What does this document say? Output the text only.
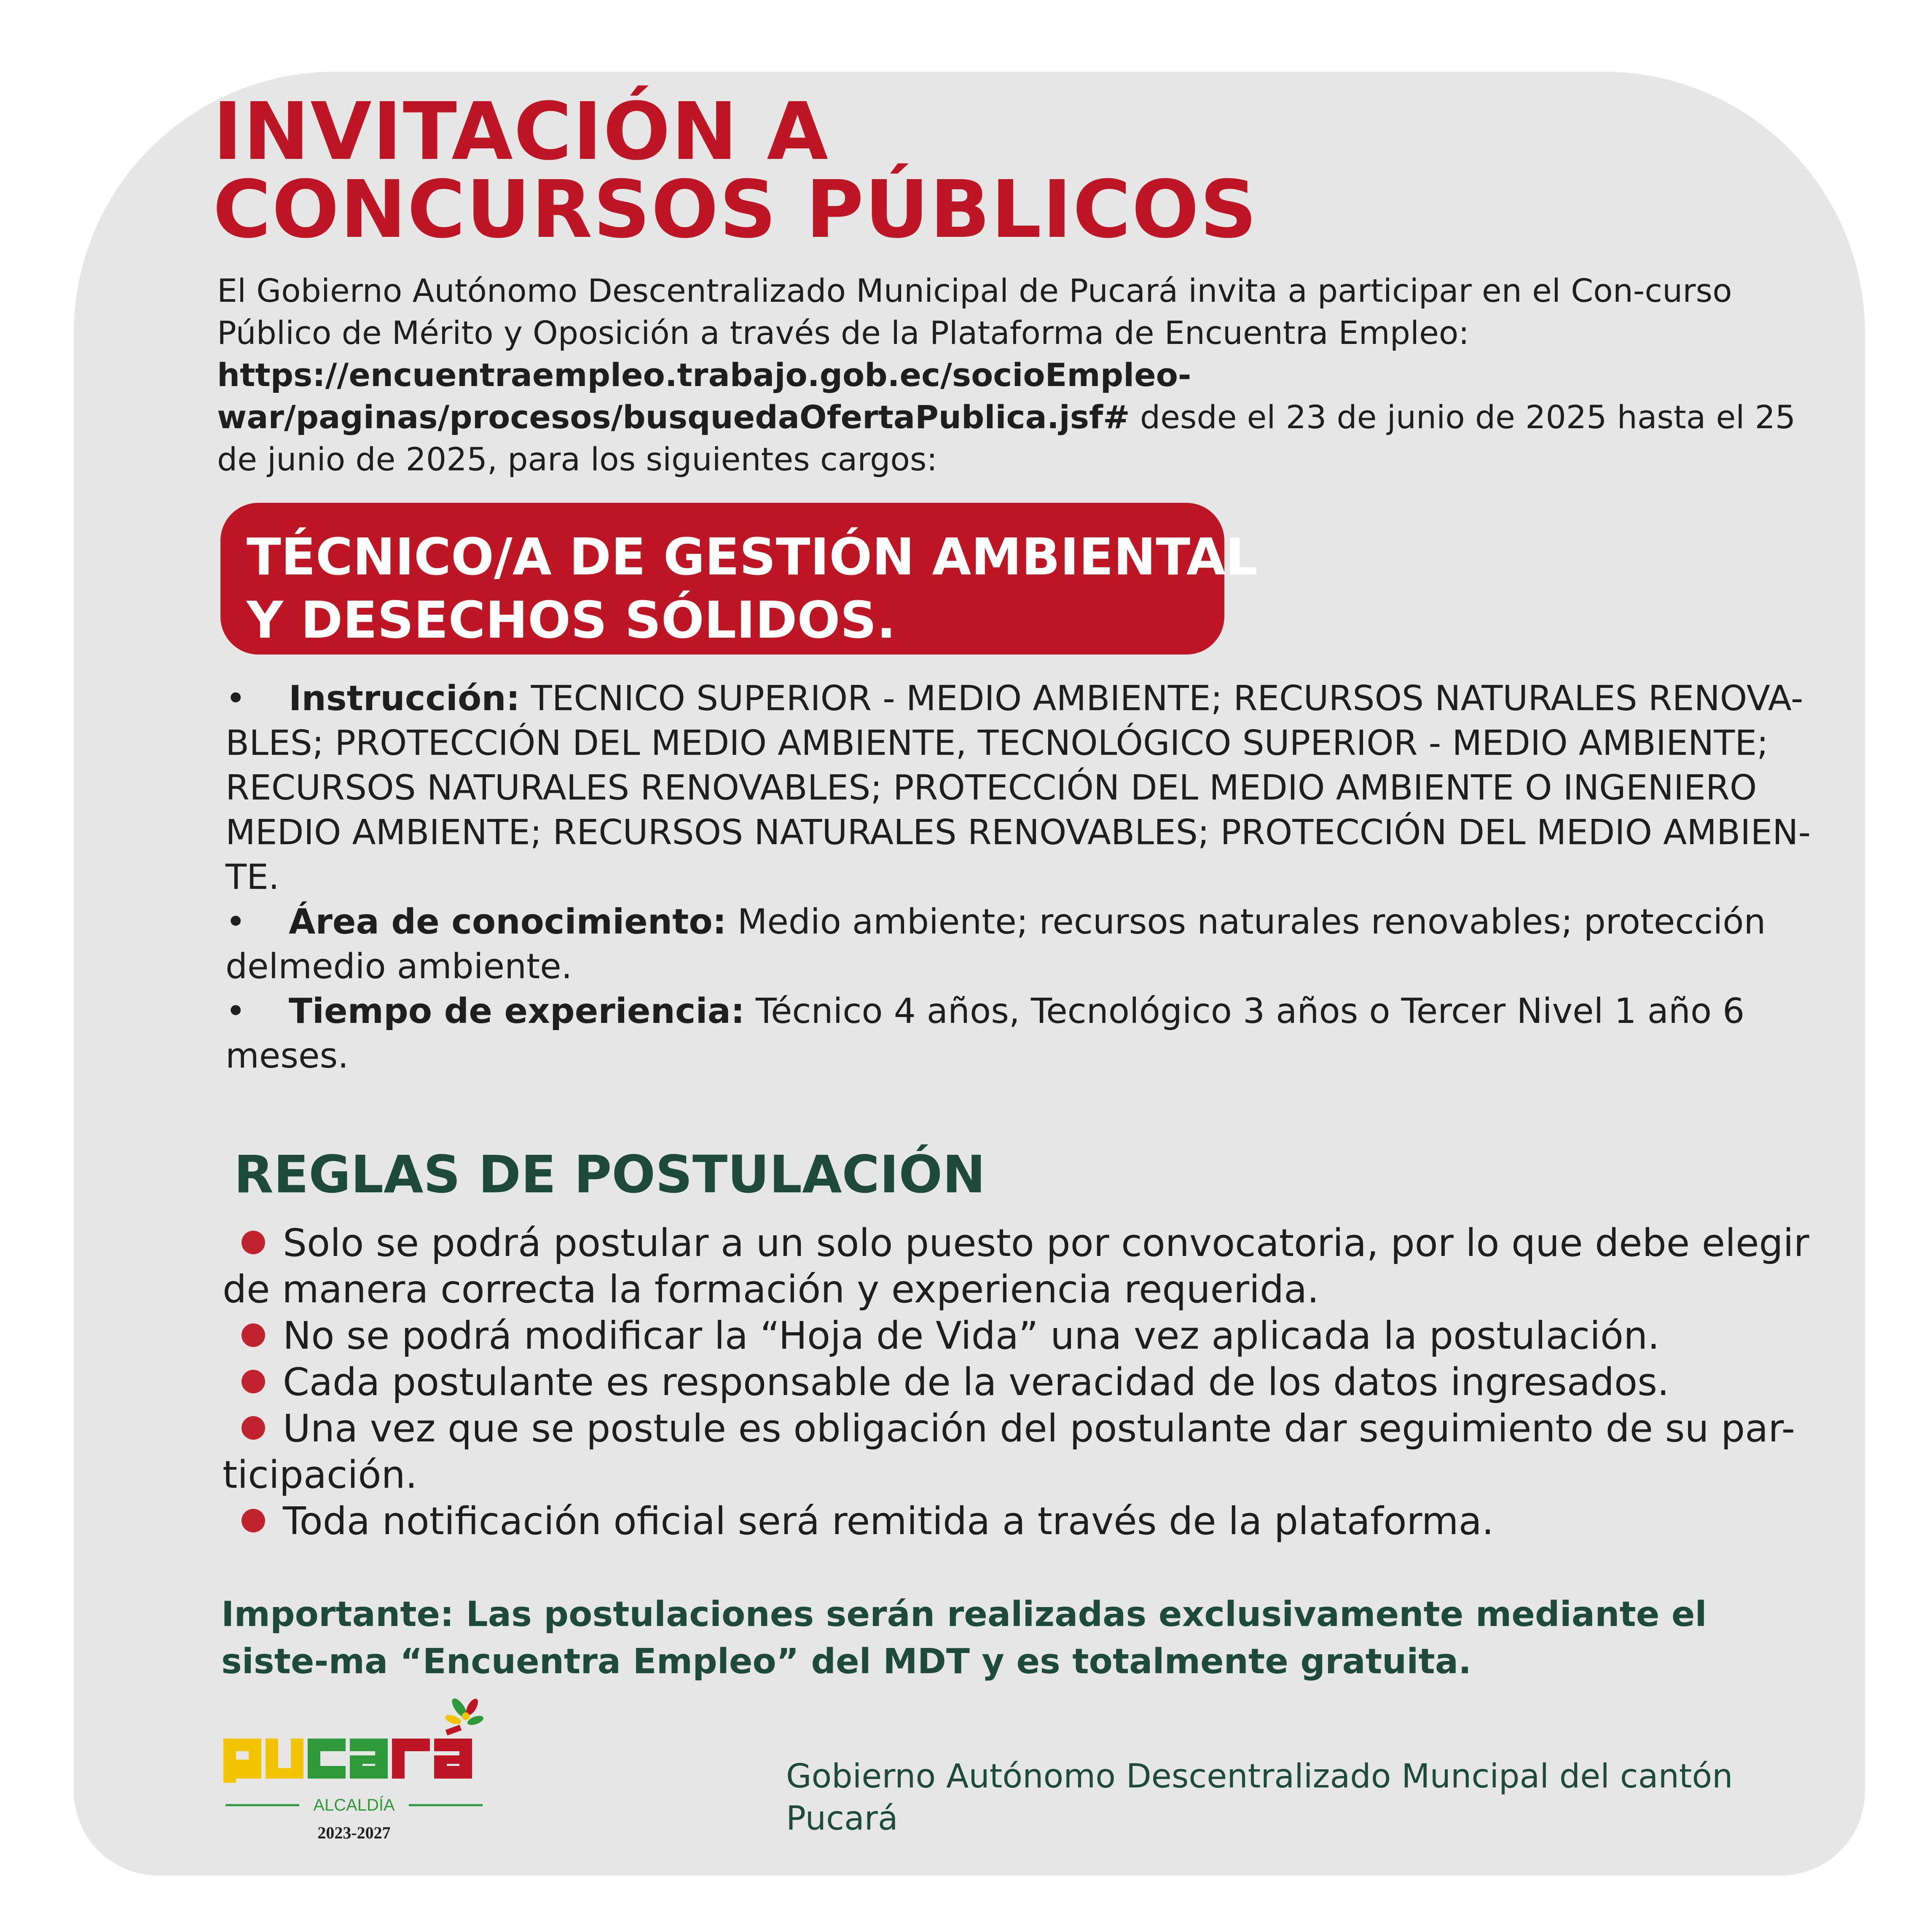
INVITACIÓN A
CONCURSOS PÚBLICOS

El Gobierno Autónomo Descentralizado Municipal de Pucará invita a participar en el Con-curso Público de Mérito y Oposición a través de la Plataforma de Encuentra Empleo: https://encuentraempleo.trabajo.gob.ec/socioEmpleo-war/paginas/procesos/busquedaOfertaPublica.jsf# desde el 23 de junio de 2025 hasta el 25 de junio de 2025, para los siguientes cargos:

TÉCNICO/A DE GESTIÓN AMBIENTAL
Y DESECHOS SÓLIDOS.

• Instrucción: TECNICO SUPERIOR - MEDIO AMBIENTE; RECURSOS NATURALES RENOVA-BLES; PROTECCIÓN DEL MEDIO AMBIENTE, TECNOLÓGICO SUPERIOR - MEDIO AMBIENTE; RECURSOS NATURALES RENOVABLES; PROTECCIÓN DEL MEDIO AMBIENTE O INGENIERO MEDIO AMBIENTE; RECURSOS NATURALES RENOVABLES; PROTECCIÓN DEL MEDIO AMBIEN-TE.

• Área de conocimiento: Medio ambiente; recursos naturales renovables; protección delmedio ambiente.

• Tiempo de experiencia: Técnico 4 años, Tecnológico 3 años o Tercer Nivel 1 año 6 meses.

REGLAS DE POSTULACIÓN
Solo se podrá postular a un solo puesto por convocatoria, por lo que debe elegir de manera correcta la formación y experiencia requerida.
No se podrá modificar la “Hoja de Vida” una vez aplicada la postulación.
Cada postulante es responsable de la veracidad de los datos ingresados.
Una vez que se postule es obligación del postulante dar seguimiento de su par-ticipación.
Toda notificación oficial será remitida a través de la plataforma.

Importante: Las postulaciones serán realizadas exclusivamente mediante el siste-ma “Encuentra Empleo” del MDT y es totalmente gratuita.

ALCALDÍA
2023-2027

Gobierno Autónomo Descentralizado Muncipal del cantón Pucará
